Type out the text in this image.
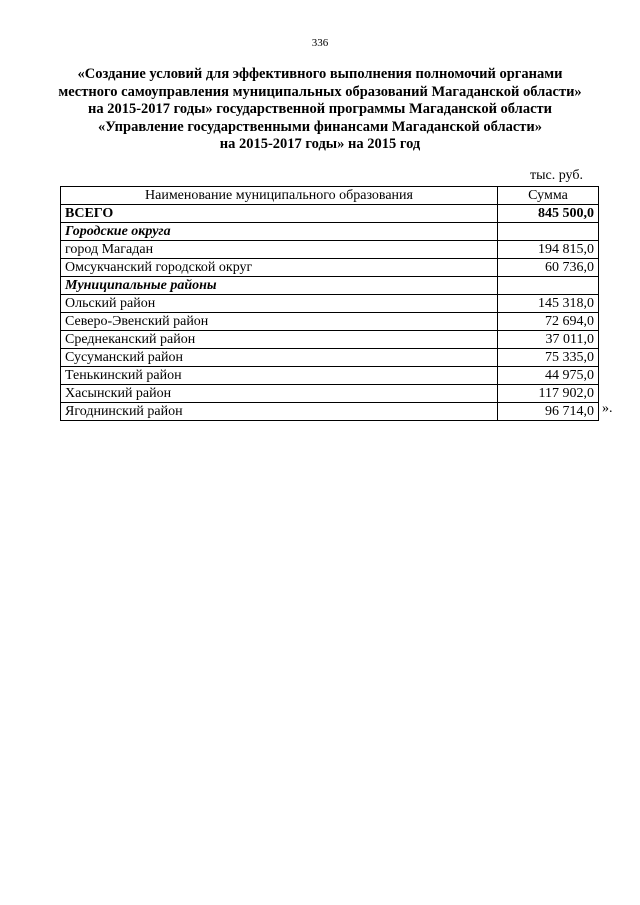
336
«Создание условий для эффективного выполнения полномочий органами
местного самоуправления муниципальных образований Магаданской области»
на 2015-2017 годы» государственной программы Магаданской области
«Управление государственными финансами Магаданской области»
на 2015-2017 годы» на 2015 год
тыс. руб.
Наименование муниципального образования	Сумма
ВСЕГО	845 500,0
Городские округа	
город Магадан	194 815,0
Омсукчанский городской округ	60 736,0
Муниципальные районы	
Ольский район	145 318,0
Северо-Эвенский район	72 694,0
Среднеканский район	37 011,0
Сусуманский район	75 335,0
Тенькинский район	44 975,0
Хасынский район	117 902,0
Ягоднинский район	96 714,0 ».
